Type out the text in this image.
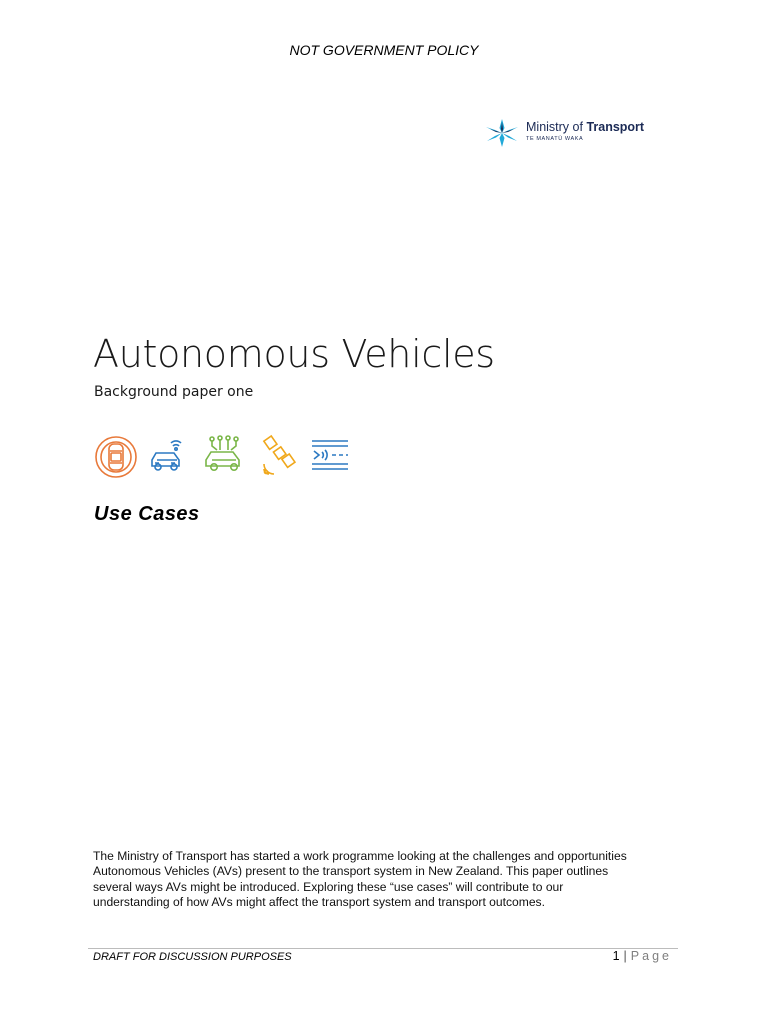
NOT GOVERNMENT POLICY
Ministry of Transport
TE MANATŪ WAKA
Autonomous Vehicles
Background paper one
Use Cases
The Ministry of Transport has started a work programme looking at the challenges and opportunities
Autonomous Vehicles (AVs) present to the transport system in New Zealand. This paper outlines
several ways AVs might be introduced. Exploring these “use cases” will contribute to our
understanding of how AVs might affect the transport system and transport outcomes.
DRAFT FOR DISCUSSION PURPOSES	1 | Page
